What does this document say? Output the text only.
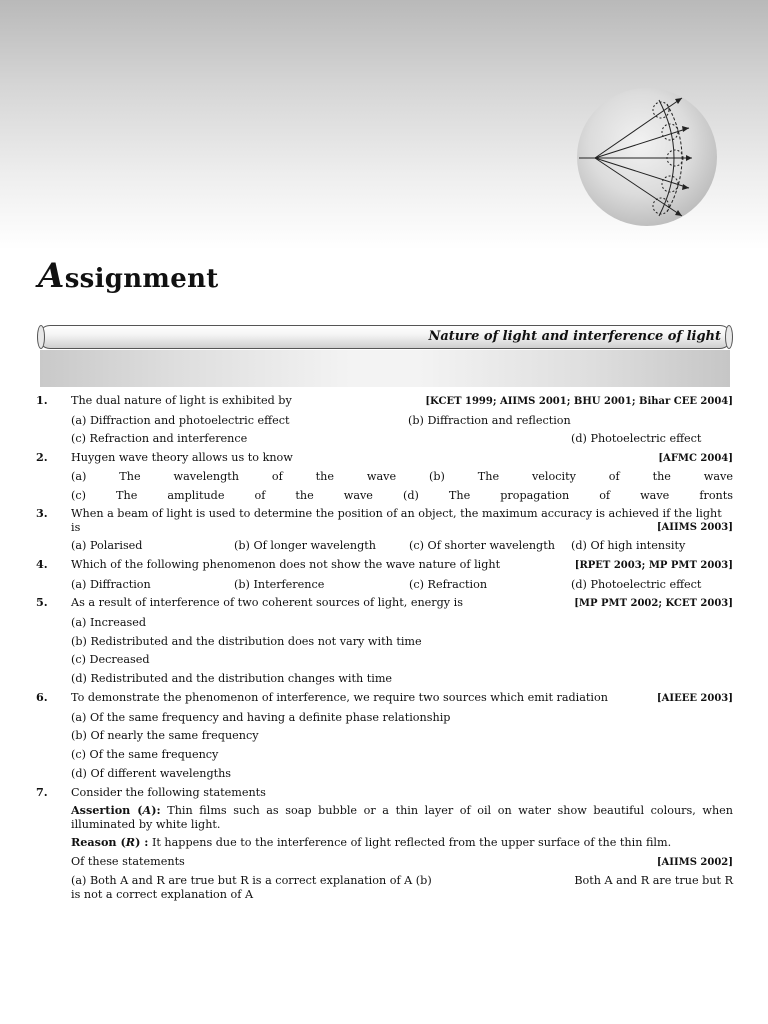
Assignment
Nature of light and interference of light
1. The dual nature of light is exhibited by	[KCET 1999; AIIMS 2001; BHU 2001; Bihar CEE 2004]
(a) Diffraction and photoelectric effect	(b) Diffraction and reflection
(c) Refraction and interference	(d) Photoelectric effect
2. Huygen wave theory allows us to know	[AFMC 2004]
(a) The wavelength of the wave	(b) The velocity of the wave
(c) The amplitude of the wave	(d) The propagation of wave fronts
3. When a beam of light is used to determine the position of an object, the maximum accuracy is achieved if the light is	[AIIMS 2003]
(a) Polarised	(b) Of longer wavelength	(c) Of shorter wavelength	(d) Of high intensity
4. Which of the following phenomenon does not show the wave nature of light	[RPET 2003; MP PMT 2003]
(a) Diffraction	(b) Interference	(c) Refraction	(d) Photoelectric effect
5. As a result of interference of two coherent sources of light, energy is	[MP PMT 2002; KCET 2003]
(a) Increased
(b) Redistributed and the distribution does not vary with time
(c) Decreased
(d) Redistributed and the distribution changes with time
6. To demonstrate the phenomenon of interference, we require two sources which emit radiation	[AIEEE 2003]
(a) Of the same frequency and having a definite phase relationship
(b) Of nearly the same frequency
(c) Of the same frequency
(d) Of different wavelengths
7. Consider the following statements
Assertion (A): Thin films such as soap bubble or a thin layer of oil on water show beautiful colours, when illuminated by white light.
Reason (R) : It happens due to the interference of light reflected from the upper surface of the thin film.
Of these statements	[AIIMS 2002]
(a) Both A and R are true but R is a correct explanation of A (b)	Both A and R are true but R
is not a correct explanation of A
